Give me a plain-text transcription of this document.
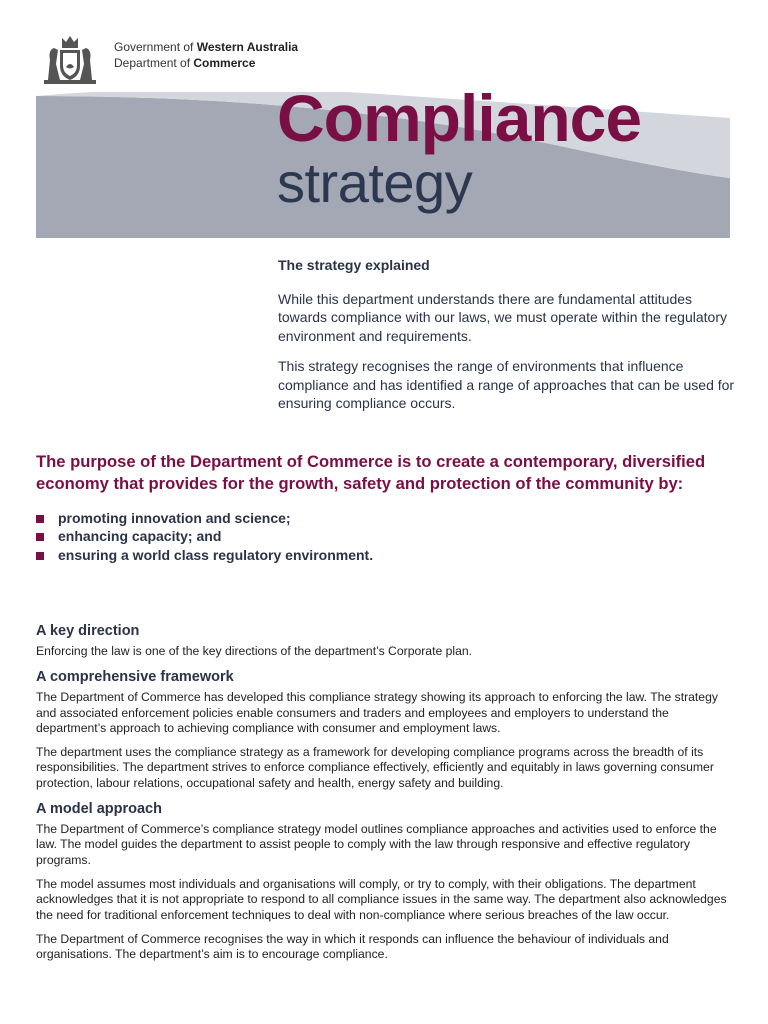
Government of Western Australia
Department of Commerce
Compliance
strategy
The strategy explained

While this department understands there are fundamental attitudes towards compliance with our laws, we must operate within the regulatory environment and requirements.

This strategy recognises the range of environments that influence compliance and has identified a range of approaches that can be used for ensuring compliance occurs.

The purpose of the Department of Commerce is to create a contemporary, diversified economy that provides for the growth, safety and protection of the community by:

promoting innovation and science;
enhancing capacity; and
ensuring a world class regulatory environment.
A key direction

Enforcing the law is one of the key directions of the department’s Corporate plan.

A comprehensive framework

The Department of Commerce has developed this compliance strategy showing its approach to enforcing the law. The strategy and associated enforcement policies enable consumers and traders and employees and employers to understand the department’s approach to achieving compliance with consumer and employment laws.

The department uses the compliance strategy as a framework for developing compliance programs across the breadth of its responsibilities. The department strives to enforce compliance effectively, efficiently and equitably in laws governing consumer protection, labour relations, occupational safety and health, energy safety and building.

A model approach

The Department of Commerce’s compliance strategy model outlines compliance approaches and activities used to enforce the law. The model guides the department to assist people to comply with the law through responsive and effective regulatory programs.

The model assumes most individuals and organisations will comply, or try to comply, with their obligations. The department acknowledges that it is not appropriate to respond to all compliance issues in the same way. The department also acknowledges the need for traditional enforcement techniques to deal with non-compliance where serious breaches of the law occur.

The Department of Commerce recognises the way in which it responds can influence the behaviour of individuals and organisations. The department’s aim is to encourage compliance.
